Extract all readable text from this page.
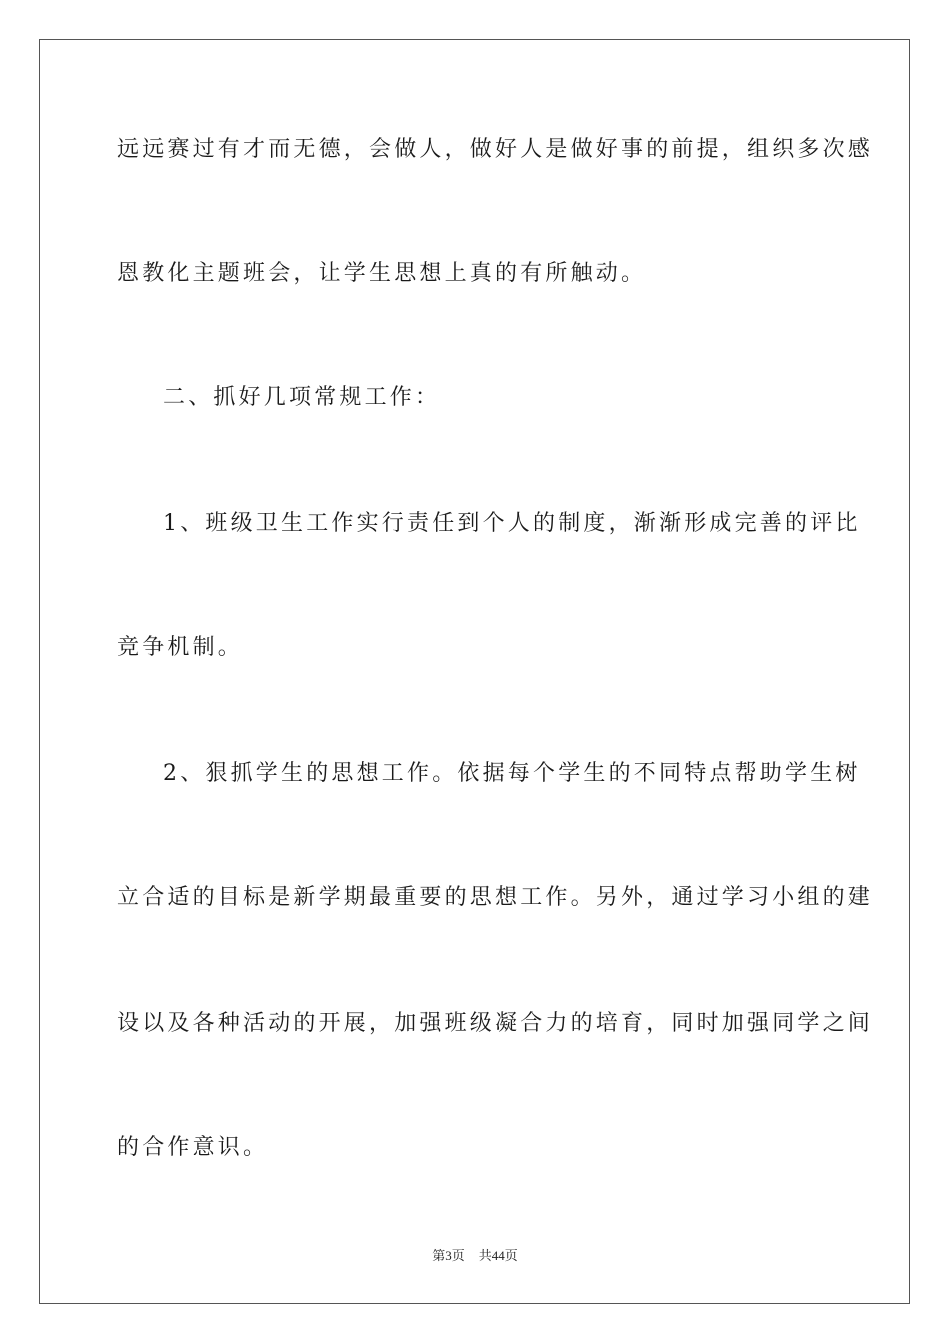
远远赛过有才而无德，会做人，做好人是做好事的前提，组织多次感
恩教化主题班会，让学生思想上真的有所触动。
二、抓好几项常规工作：
1、班级卫生工作实行责任到个人的制度，渐渐形成完善的评比
竞争机制。
2、狠抓学生的思想工作。依据每个学生的不同特点帮助学生树
立合适的目标是新学期最重要的思想工作。另外，通过学习小组的建
设以及各种活动的开展，加强班级凝合力的培育，同时加强同学之间
的合作意识。
第3页 共44页
